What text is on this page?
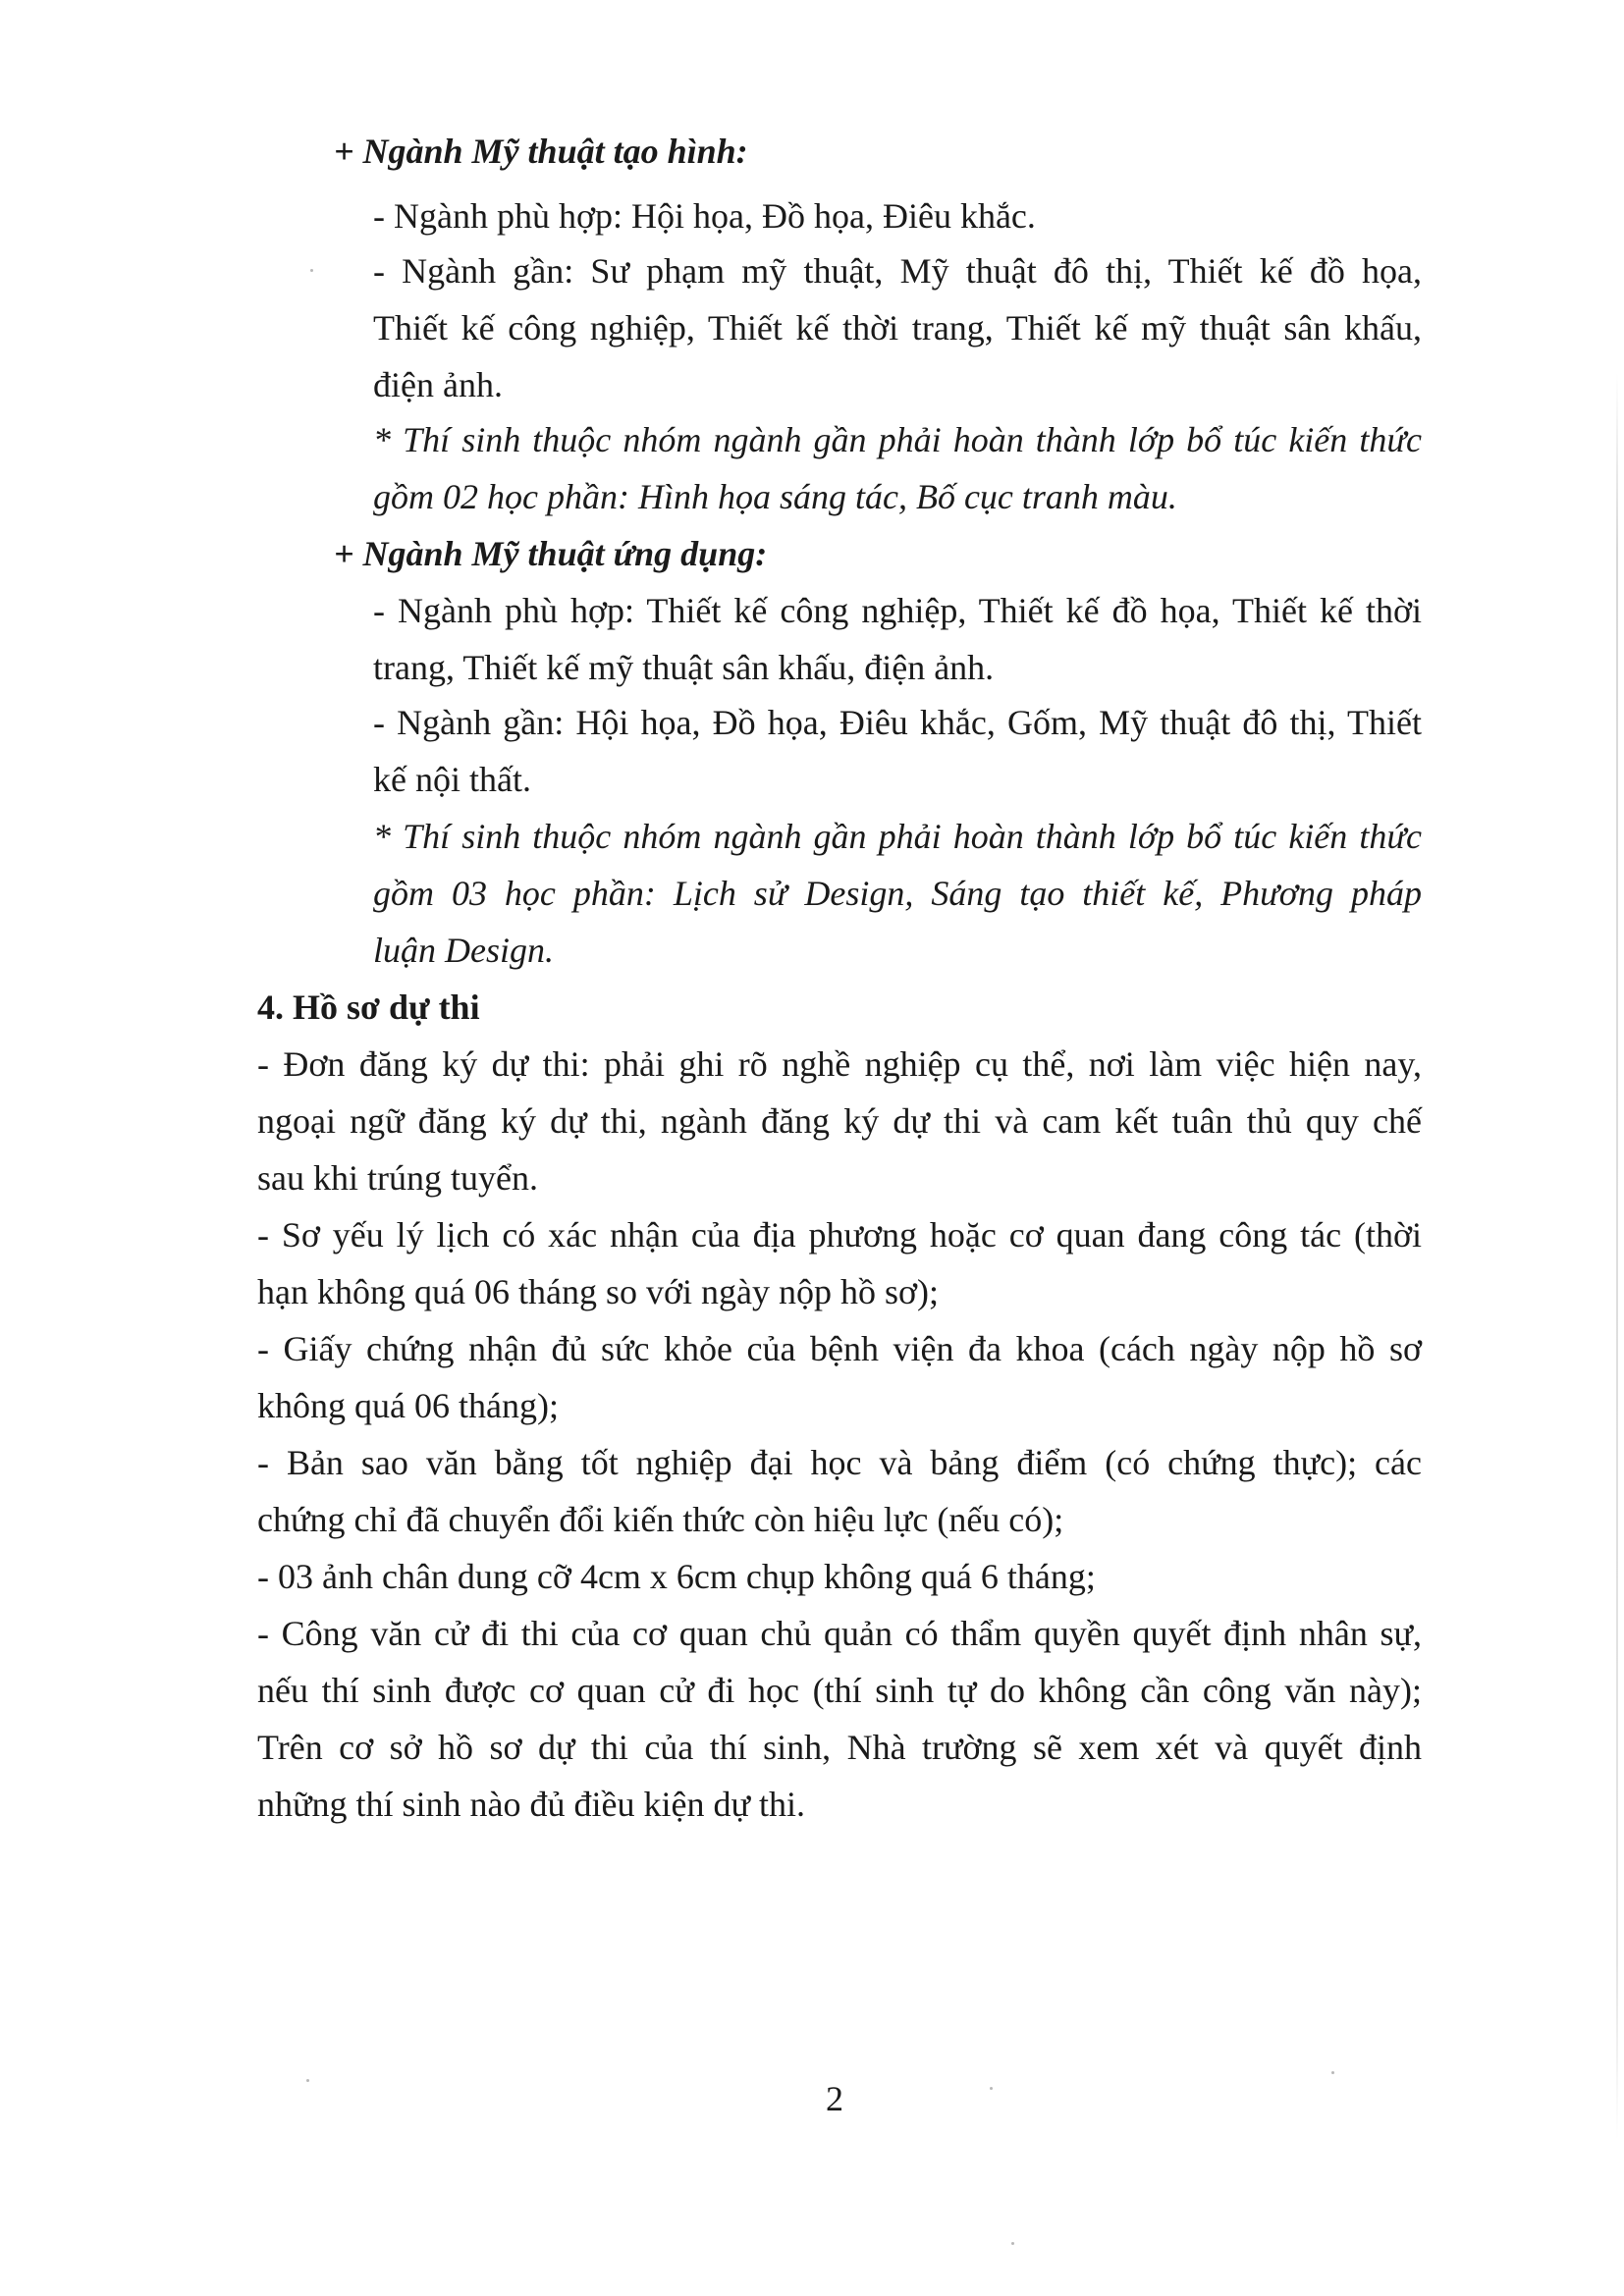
+ Ngành Mỹ thuật tạo hình:
- Ngành phù hợp: Hội họa, Đồ họa, Điêu khắc.
- Ngành gần: Sư phạm mỹ thuật, Mỹ thuật đô thị, Thiết kế đồ họa,
Thiết kế công nghiệp, Thiết kế thời trang, Thiết kế mỹ thuật sân khấu,
điện ảnh.
* Thí sinh thuộc nhóm ngành gần phải hoàn thành lớp bổ túc kiến thức
gồm 02 học phần: Hình họa sáng tác, Bố cục tranh màu.
+ Ngành Mỹ thuật ứng dụng:
- Ngành phù hợp: Thiết kế công nghiệp, Thiết kế đồ họa, Thiết kế thời
trang, Thiết kế mỹ thuật sân khấu, điện ảnh.
- Ngành gần: Hội họa, Đồ họa, Điêu khắc, Gốm, Mỹ thuật đô thị, Thiết
kế nội thất.
* Thí sinh thuộc nhóm ngành gần phải hoàn thành lớp bổ túc kiến thức
gồm 03 học phần: Lịch sử Design, Sáng tạo thiết kế, Phương pháp
luận Design.
4. Hồ sơ dự thi
- Đơn đăng ký dự thi: phải ghi rõ nghề nghiệp cụ thể, nơi làm việc hiện nay,
ngoại ngữ đăng ký dự thi, ngành đăng ký dự thi và cam kết tuân thủ quy chế
sau khi trúng tuyển.
- Sơ yếu lý lịch có xác nhận của địa phương hoặc cơ quan đang công tác (thời
hạn không quá 06 tháng so với ngày nộp hồ sơ);
- Giấy chứng nhận đủ sức khỏe của bệnh viện đa khoa (cách ngày nộp hồ sơ
không quá 06 tháng);
- Bản sao văn bằng tốt nghiệp đại học và bảng điểm (có chứng thực); các
chứng chỉ đã chuyển đổi kiến thức còn hiệu lực (nếu có);
- 03 ảnh chân dung cỡ 4cm x 6cm chụp không quá 6 tháng;
- Công văn cử đi thi của cơ quan chủ quản có thẩm quyền quyết định nhân sự,
nếu thí sinh được cơ quan cử đi học (thí sinh tự do không cần công văn này);
Trên cơ sở hồ sơ dự thi của thí sinh, Nhà trường sẽ xem xét và quyết định
những thí sinh nào đủ điều kiện dự thi.
2
